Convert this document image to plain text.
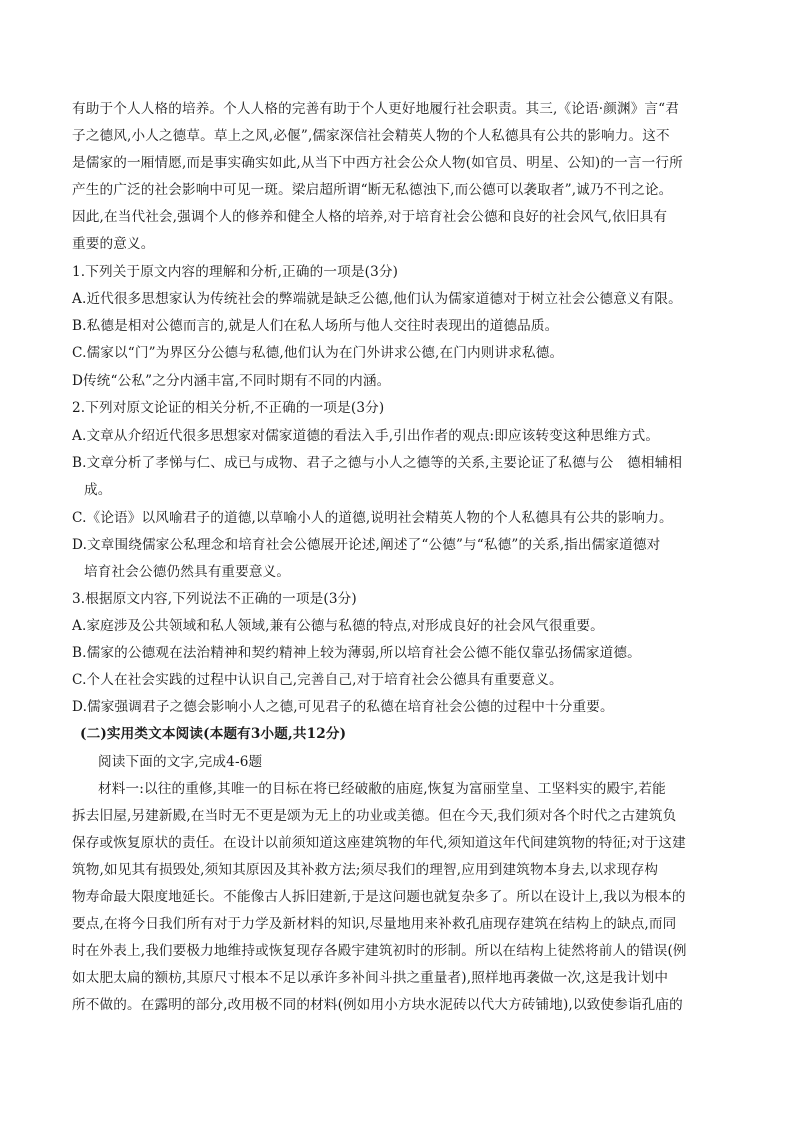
有助于个人人格的培养。个人人格的完善有助于个人更好地履行社会职责。其三,《论语·颜渊》言“君
子之德风,小人之德草。草上之风,必偃”,儒家深信社会精英人物的个人私德具有公共的影响力。这不
是儒家的一厢情愿,而是事实确实如此,从当下中西方社会公众人物(如官员、明星、公知)的一言一行所
产生的广泛的社会影响中可见一斑。梁启超所谓“断无私德浊下,而公德可以袭取者”,诚乃不刊之论。
因此,在当代社会,强调个人的修养和健全人格的培养,对于培育社会公德和良好的社会风气,依旧具有
重要的意义。
1.下列关于原文内容的理解和分析,正确的一项是(3分)
A.近代很多思想家认为传统社会的弊端就是缺乏公德,他们认为儒家道德对于树立社会公德意义有限。
B.私德是相对公德而言的,就是人们在私人场所与他人交往时表现出的道德品质。
C.儒家以“门”为界区分公德与私德,他们认为在门外讲求公德,在门内则讲求私德。
D传统“公私”之分内涵丰富,不同时期有不同的内涵。
2.下列对原文论证的相关分析,不正确的一项是(3分)
A.文章从介绍近代很多思想家对儒家道德的看法入手,引出作者的观点:即应该转变这种思维方式。
B.文章分析了孝悌与仁、成已与成物、君子之德与小人之德等的关系,主要论证了私德与公　德相辅相
成。
C.《论语》以风喻君子的道德,以草喻小人的道德,说明社会精英人物的个人私德具有公共的影响力。
D.文章围绕儒家公私理念和培育社会公德展开论述,阐述了“公德”与“私德”的关系,指出儒家道德对
培育社会公德仍然具有重要意义。
3.根据原文内容,下列说法不正确的一项是(3分)
A.家庭涉及公共领域和私人领域,兼有公德与私德的特点,对形成良好的社会风气很重要。
B.儒家的公德观在法治精神和契约精神上较为薄弱,所以培育社会公德不能仅靠弘扬儒家道德。
C.个人在社会实践的过程中认识自己,完善自己,对于培育社会公德具有重要意义。
D.儒家强调君子之德会影响小人之德,可见君子的私德在培育社会公德的过程中十分重要。
(二)实用类文本阅读(本题有3小题,共12分)
阅读下面的文字,完成4-6题
材料一:以往的重修,其唯一的目标在将已经破敝的庙庭,恢复为富丽堂皇、工坚料实的殿宇,若能
拆去旧屋,另建新殿,在当时无不更是颂为无上的功业或美德。但在今天,我们须对各个时代之古建筑负
保存或恢复原状的责任。在设计以前须知道这座建筑物的年代,须知道这年代间建筑物的特征;对于这建
筑物,如见其有损毁处,须知其原因及其补救方法;须尽我们的理智,应用到建筑物本身去,以求现存构
物寿命最大限度地延长。不能像古人拆旧建新,于是这问题也就复杂多了。所以在设计上,我以为根本的
要点,在将今日我们所有对于力学及新材料的知识,尽量地用来补救孔庙现存建筑在结构上的缺点,而同
时在外表上,我们要极力地维持或恢复现存各殿宇建筑初时的形制。所以在结构上徒然将前人的错误(例
如太肥太扁的额枋,其原尺寸根本不足以承许多补间斗拱之重量者),照样地再袭做一次,这是我计划中
所不做的。在露明的部分,改用极不同的材料(例如用小方块水泥砖以代大方砖铺地),以致使参诣孔庙的
